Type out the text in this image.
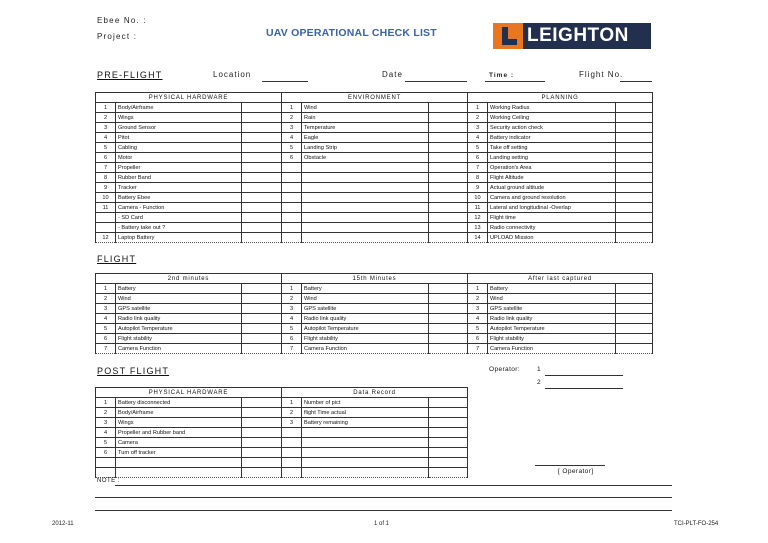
Ebee No. :
Project :	UAV OPERATIONAL CHECK LIST	LEIGHTON
PRE-FLIGHT	Location	Date	Time :	Flight No.
PHYSICAL HARDWARE			ENVIRONMENT			PLANNING		
1	Body/Airframe		1	Wind		1	Working Radius	
2	Wings		2	Rain		2	Working Ceiling	
3	Ground Sensor		3	Temperature		3	Security action check	
4	Pitot		4	Eagle		4	Battery indicator	
5	Cabling		5	Landing Strip		5	Take off setting	
6	Motor		6	Obstacle		6	Landing setting	
7	Propeller					7	Operation's Area	
8	Rubber Band					8	Flight Altitude	
9	Tracker					9	Actual ground altitude	
10	Battery Ebee					10	Camera and ground resolution	
11	Camera - Function					11	Lateral and longitudinal -Overlap	
	- SD Card					12	Flight time	
	- Battery take out ?					13	Radio connectivity	
12	Laptop Battery					14	UPLOAD Mission	
FLIGHT
2nd minutes			15th Minutes			After last captured		
1	Battery		1	Battery		1	Battery	
2	Wind		2	Wind		2	Wind	
3	GPS satellite		3	GPS satellite		3	GPS satellite	
4	Radio link quality		4	Radio link quality		4	Radio link quality	
5	Autopilot Temperature		5	Autopilot Temperature		5	Autopilot Temperature	
6	Flight stability		6	Flight stability		6	Flight stability	
7	Camera Function		7	Camera Function		7	Camera Function	
POST FLIGHT
PHYSICAL HARDWARE			Data Record		
1	Battery disconnected		1	Number of pict	
2	Body/Airframe		2	flight Time actual	
3	Wings		3	Battery remaining	
4	Propeller and Rubber band				
5	Camera				
6	Turn off tracker				

Operator:	1
2
[ Operator]
NOTE :
2012-11	1 of 1	TCI-PLT-FO-254
